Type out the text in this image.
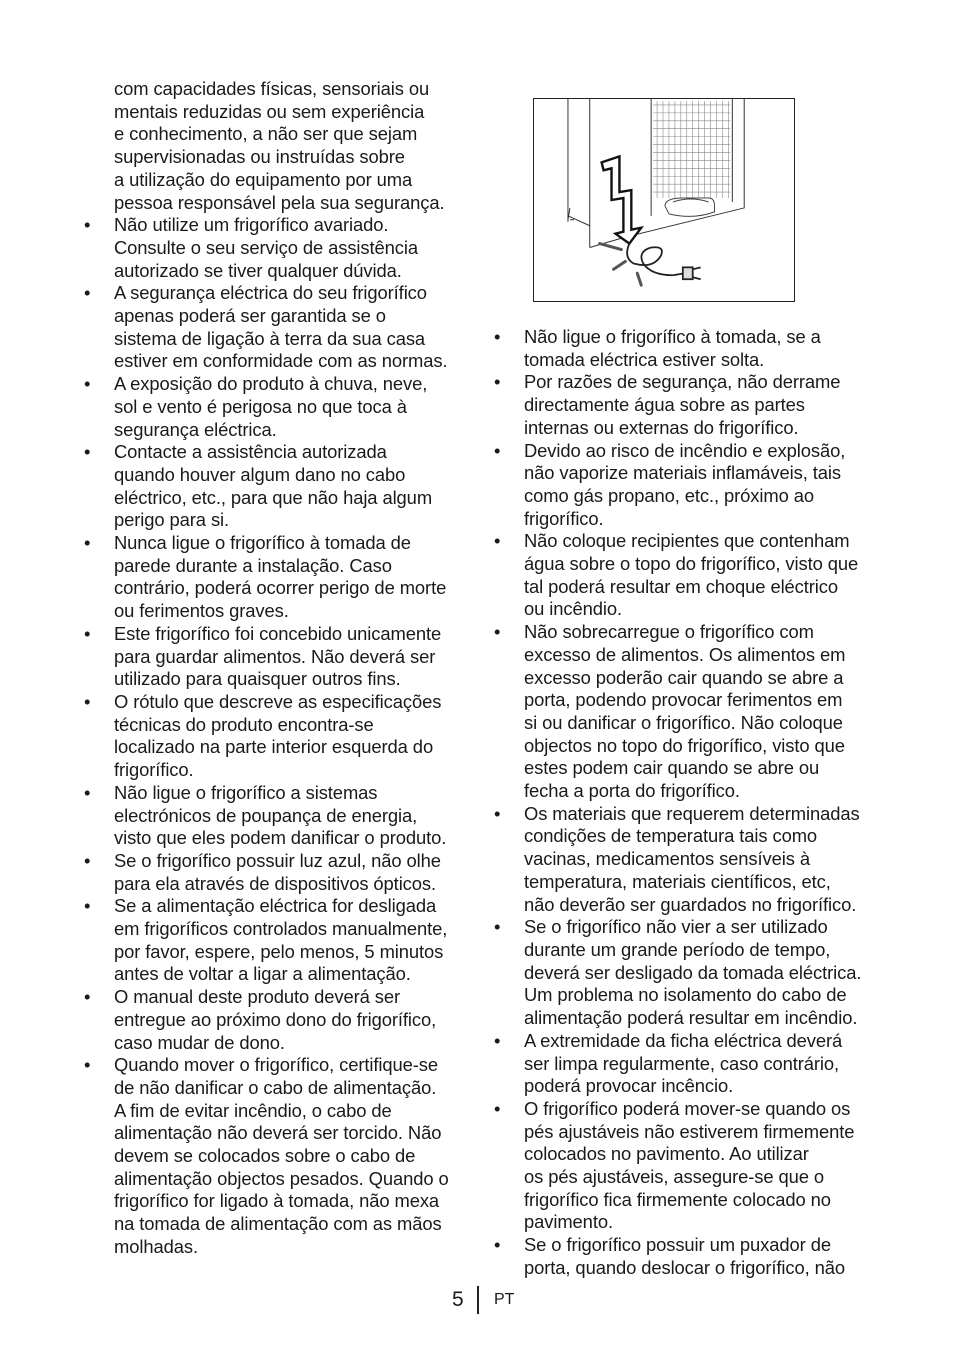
com capacidades físicas, sensoriais ou
mentais reduzidas ou sem experiência
e conhecimento, a não ser que sejam
supervisionadas ou instruídas sobre
a utilização do equipamento por uma
pessoa responsável pela sua segurança.

• Não utilize um frigorífico avariado.
Consulte o seu serviço de assistência
autorizado se tiver qualquer dúvida.
• A segurança eléctrica do seu frigorífico
apenas poderá ser garantida se o
sistema de ligação à terra da sua casa
estiver em conformidade com as normas.
• A exposição do produto à chuva, neve,
sol e vento é perigosa no que toca à
segurança eléctrica.
• Contacte a assistência autorizada
quando houver algum dano no cabo
eléctrico, etc., para que não haja algum
perigo para si.
• Nunca ligue o frigorífico à tomada de
parede durante a instalação. Caso
contrário, poderá ocorrer perigo de morte
ou ferimentos graves.
• Este frigorífico foi concebido unicamente
para guardar alimentos. Não deverá ser
utilizado para quaisquer outros fins.
• O rótulo que descreve as especificações
técnicas do produto encontra-se
localizado na parte interior esquerda do
frigorífico.
• Não ligue o frigorífico a sistemas
electrónicos de poupança de energia,
visto que eles podem danificar o produto.
• Se o frigorífico possuir luz azul, não olhe
para ela através de dispositivos ópticos.
• Se a alimentação eléctrica for desligada
em frigoríficos controlados manualmente,
por favor, espere, pelo menos, 5 minutos
antes de voltar a ligar a alimentação.
• O manual deste produto deverá ser
entregue ao próximo dono do frigorífico,
caso mudar de dono.
• Quando mover o frigorífico, certifique-se
de não danificar o cabo de alimentação.
A fim de evitar incêndio, o cabo de
alimentação não deverá ser torcido. Não
devem se colocados sobre o cabo de
alimentação objectos pesados. Quando o
frigorífico for ligado à tomada, não mexa
na tomada de alimentação com as mãos
molhadas.
• Não ligue o frigorífico à tomada, se a
tomada eléctrica estiver solta.
• Por razões de segurança, não derrame
directamente água sobre as partes
internas ou externas do frigorífico.
• Devido ao risco de incêndio e explosão,
não vaporize materiais inflamáveis, tais
como gás propano, etc., próximo ao
frigorífico.
• Não coloque recipientes que contenham
água sobre o topo do frigorífico, visto que
tal poderá resultar em choque eléctrico
ou incêndio.
• Não sobrecarregue o frigorífico com
excesso de alimentos. Os alimentos em
excesso poderão cair quando se abre a
porta, podendo provocar ferimentos em
si ou danificar o frigorífico. Não coloque
objectos no topo do frigorífico, visto que
estes podem cair quando se abre ou
fecha a porta do frigorífico.
• Os materiais que requerem determinadas
condições de temperatura tais como
vacinas, medicamentos sensíveis à
temperatura, materiais científicos, etc,
não deverão ser guardados no frigorífico.
• Se o frigorífico não vier a ser utilizado
durante um grande período de tempo,
deverá ser desligado da tomada eléctrica.
Um problema no isolamento do cabo de
alimentação poderá resultar em incêndio.
• A extremidade da ficha eléctrica deverá
ser limpa regularmente, caso contrário,
poderá provocar incêncio.
• O frigorífico poderá mover-se quando os
pés ajustáveis não estiverem firmemente
colocados no pavimento. Ao utilizar
os pés ajustáveis, assegure-se que o
frigorífico fica firmemente colocado no
pavimento.
• Se o frigorífico possuir um puxador de
porta, quando deslocar o frigorífico, não
5 PT
